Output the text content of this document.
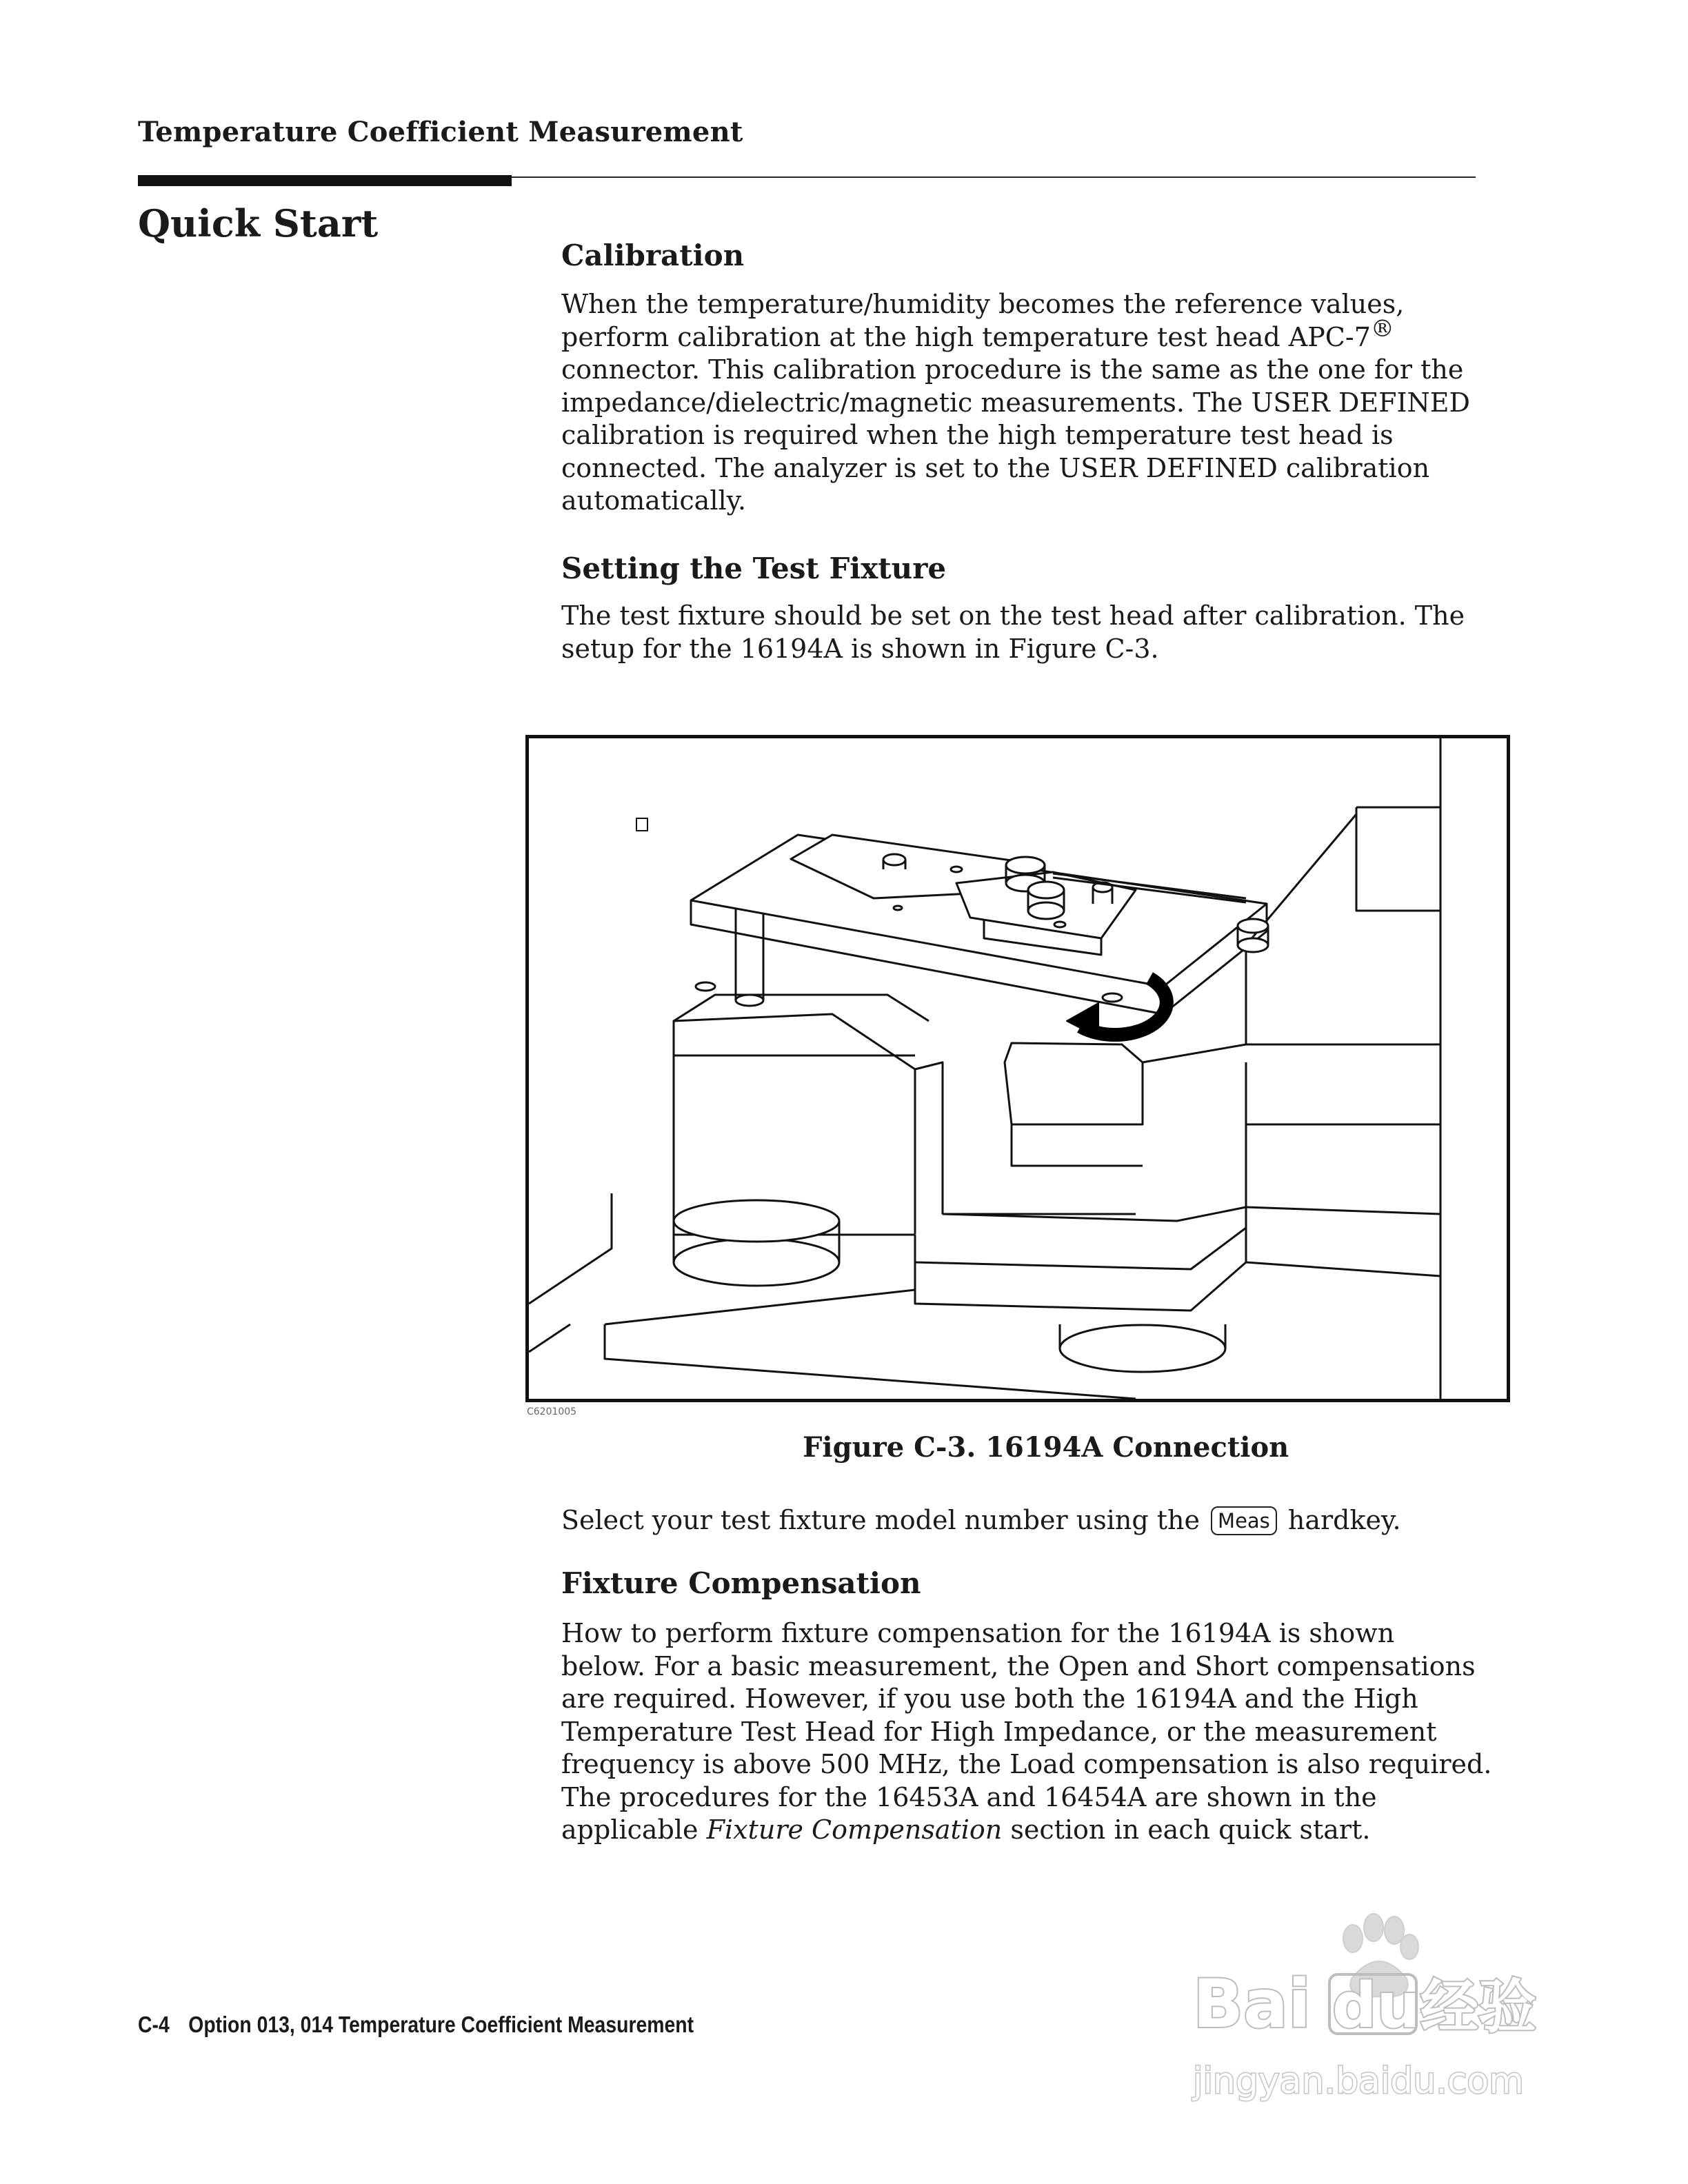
Temperature Coefficient Measurement
Quick Start
Calibration
When the temperature/humidity becomes the reference values,
perform calibration at the high temperature test head APC-7®
connector. This calibration procedure is the same as the one for the
impedance/dielectric/magnetic measurements. The USER DEFINED
calibration is required when the high temperature test head is
connected. The analyzer is set to the USER DEFINED calibration
automatically.
Setting the Test Fixture
The test fixture should be set on the test head after calibration. The
setup for the 16194A is shown in Figure C-3.
C6201005
Figure C-3. 16194A Connection
Select your test fixture model number using the Meas hardkey.
Fixture Compensation
How to perform fixture compensation for the 16194A is shown
below. For a basic measurement, the Open and Short compensations
are required. However, if you use both the 16194A and the High
Temperature Test Head for High Impedance, or the measurement
frequency is above 500 MHz, the Load compensation is also required.
The procedures for the 16453A and 16454A are shown in the
applicable Fixture Compensation section in each quick start.
C-4 Option 013, 014 Temperature Coefficient Measurement	Bai du 经验
jingyan.baidu.com
